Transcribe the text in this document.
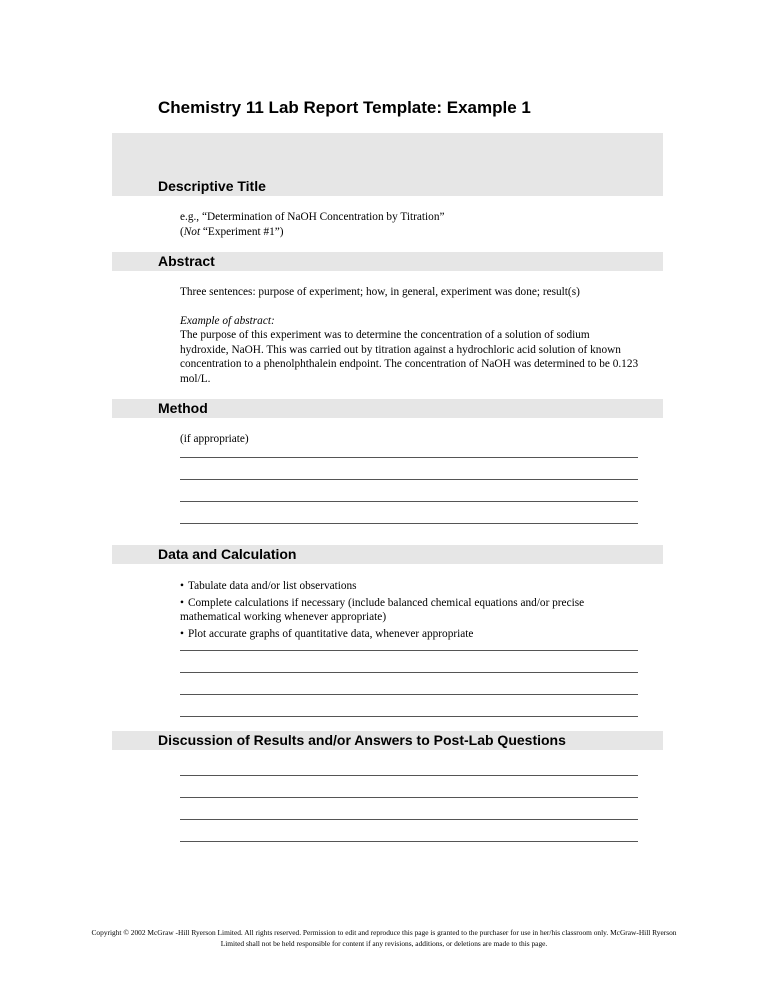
Chemistry 11 Lab Report Template: Example 1
Descriptive Title

e.g., “Determination of NaOH Concentration by Titration”

(Not “Experiment #1”)

Abstract

Three sentences: purpose of experiment; how, in general, experiment was done; result(s)

Example of abstract:

The purpose of this experiment was to determine the concentration of a solution of sodium hydroxide, NaOH. This was carried out by titration against a hydrochloric acid solution of known concentration to a phenolphthalein endpoint. The concentration of NaOH was determined to be 0.123 mol/L.

Method

(if appropriate)

Data and Calculation

• Tabulate data and/or list observations

• Complete calculations if necessary (include balanced chemical equations and/or precise mathematical working whenever appropriate)

• Plot accurate graphs of quantitative data, whenever appropriate

Discussion of Results and/or Answers to Post-Lab Questions
Copyright © 2002 McGraw -Hill Ryerson Limited. All rights reserved. Permission to edit and reproduce this page is granted to the purchaser for use in her/his classroom only. McGraw-Hill Ryerson Limited shall not be held responsible for content if any revisions, additions, or deletions are made to this page.
